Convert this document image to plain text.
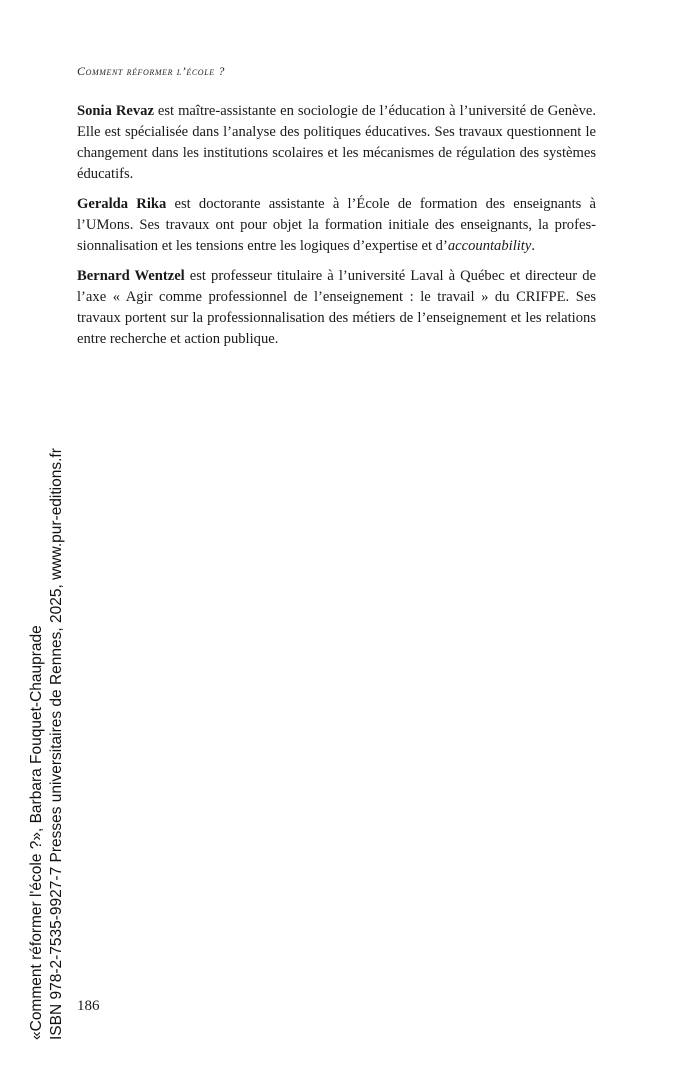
Comment réformer l’école ?

Sonia Revaz est maître-assistante en sociologie de l’éducation à l’université de Genève. Elle est spécialisée dans l’analyse des politiques éducatives. Ses travaux questionnent le changement dans les institutions scolaires et les mécanismes de régulation des systèmes éducatifs.

Geralda Rika est doctorante assistante à l’École de formation des enseignants à l’UMons. Ses travaux ont pour objet la formation initiale des enseignants, la professionnalisation et les tensions entre les logiques d’expertise et d’accountability.

Bernard Wentzel est professeur titulaire à l’université Laval à Québec et directeur de l’axe « Agir comme professionnel de l’enseignement : le travail » du CRIFPE. Ses travaux portent sur la professionnalisation des métiers de l’enseignement et les relations entre recherche et action publique.

186
«Comment réformer l'école ?», Barbara Fouquet-Chauprade ISBN 978-2-7535-9927-7 Presses universitaires de Rennes, 2025, www.pur-editions.fr
